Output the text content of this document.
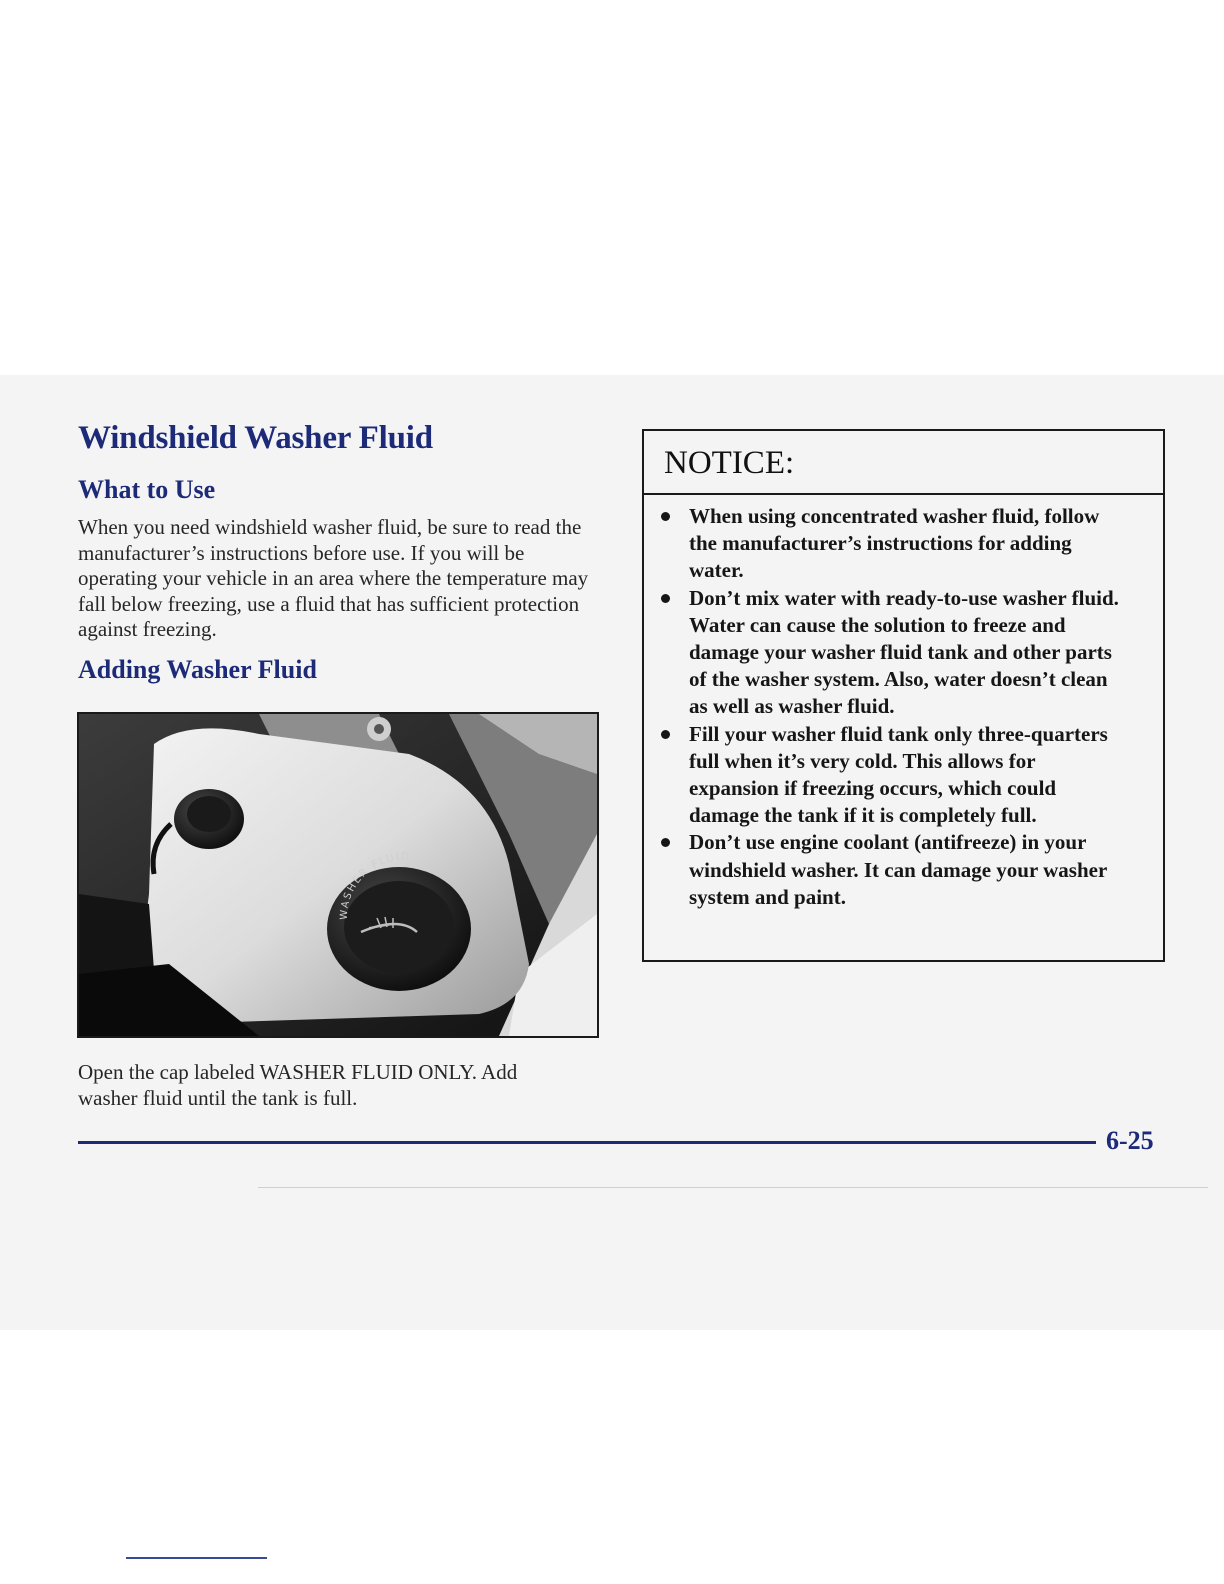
Windshield Washer Fluid
What to Use

When you need windshield washer fluid, be sure to read the manufacturer’s instructions before use. If you will be operating your vehicle in an area where the temperature may fall below freezing, use a fluid that has sufficient protection against freezing.

Adding Washer Fluid
WASHER FLUID

Open the cap labeled WASHER FLUID ONLY. Add washer fluid until the tank is full.

NOTICE:
When using concentrated washer fluid, follow the manufacturer’s instructions for adding water.
Don’t mix water with ready-to-use washer fluid. Water can cause the solution to freeze and damage your washer fluid tank and other parts of the washer system. Also, water doesn’t clean as well as washer fluid.
Fill your washer fluid tank only three-quarters full when it’s very cold. This allows for expansion if freezing occurs, which could damage the tank if it is completely full.
Don’t use engine coolant (antifreeze) in your windshield washer. It can damage your washer system and paint.

6-25
